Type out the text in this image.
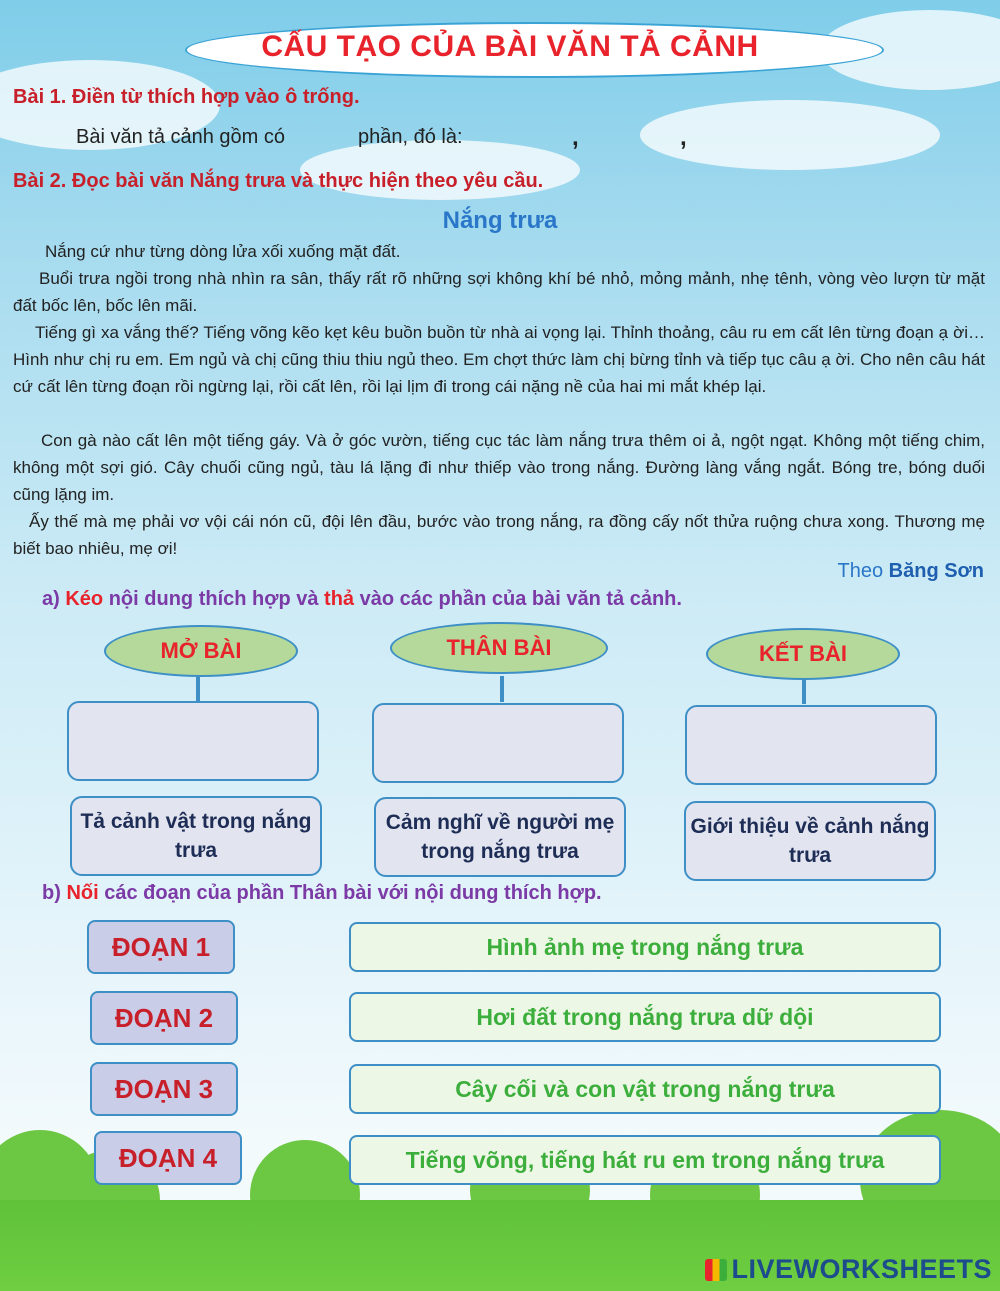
CẤU TẠO CỦA BÀI VĂN TẢ CẢNH
Bài 1. Điền từ thích hợp vào ô trống.
Bài văn tả cảnh gồm có	phần, đó là:	,	,
Bài 2. Đọc bài văn Nắng trưa và thực hiện theo yêu cầu.
Nắng trưa
Nắng cứ như từng dòng lửa xối xuống mặt đất.
Buổi trưa ngồi trong nhà nhìn ra sân, thấy rất rõ những sợi không khí bé nhỏ, mỏng mảnh, nhẹ tênh, vòng vèo lượn từ mặt đất bốc lên, bốc lên mãi.
Tiếng gì xa vắng thế? Tiếng võng kẽo kẹt kêu buồn buồn từ nhà ai vọng lại. Thỉnh thoảng, câu ru em cất lên từng đoạn ạ ời… Hình như chị ru em. Em ngủ và chị cũng thiu thiu ngủ theo. Em chợt thức làm chị bừng tỉnh và tiếp tục câu ạ ời. Cho nên câu hát cứ cất lên từng đoạn rồi ngừng lại, rồi cất lên, rồi lại lịm đi trong cái nặng nề của hai mi mắt khép lại.
Con gà nào cất lên một tiếng gáy. Và ở góc vườn, tiếng cục tác làm nắng trưa thêm oi ả, ngột ngạt. Không một tiếng chim, không một sợi gió. Cây chuối cũng ngủ, tàu lá lặng đi như thiếp vào trong nắng. Đường làng vắng ngắt. Bóng tre, bóng duối cũng lặng im.
Ấy thế mà mẹ phải vơ vội cái nón cũ, đội lên đầu, bước vào trong nắng, ra đồng cấy nốt thửa ruộng chưa xong. Thương mẹ biết bao nhiêu, mẹ ơi!
Theo Băng Sơn
a) Kéo nội dung thích hợp và thả vào các phần của bài văn tả cảnh.
MỞ BÀI	THÂN BÀI	KẾT BÀI
Tả cảnh vật trong nắng trưa
Cảm nghĩ về người mẹ trong nắng trưa
Giới thiệu về cảnh nắng trưa
b) Nối các đoạn của phần Thân bài với nội dung thích hợp.
ĐOẠN 1
ĐOẠN 2
ĐOẠN 3
ĐOẠN 4
Hình ảnh mẹ trong nắng trưa
Hơi đất trong nắng trưa dữ dội
Cây cối và con vật trong nắng trưa
Tiếng võng, tiếng hát ru em trong nắng trưa
LIVEWORKSHEETS
